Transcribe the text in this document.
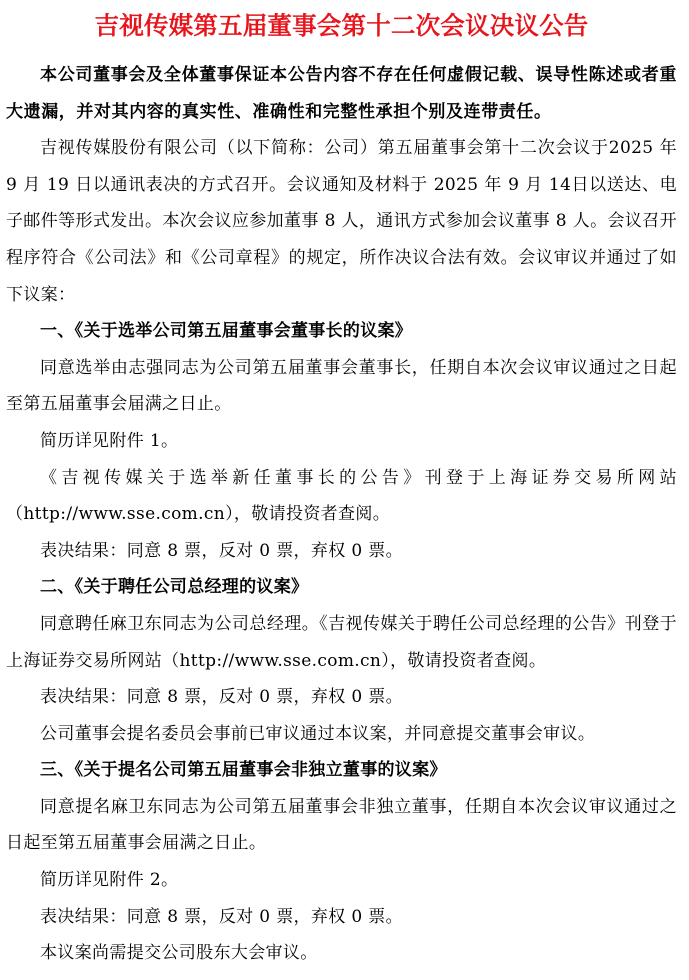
吉视传媒第五届董事会第十二次会议决议公告

本公司董事会及全体董事保证本公告内容不存在任何虚假记载、误导性陈述或者重大遗漏，并对其内容的真实性、准确性和完整性承担个别及连带责任。

吉视传媒股份有限公司（以下简称：公司）第五届董事会第十二次会议于2025 年 9 月 19 日以通讯表决的方式召开。会议通知及材料于 2025 年 9 月 14日以送达、电子邮件等形式发出。本次会议应参加董事 8 人，通讯方式参加会议董事 8 人。会议召开程序符合《公司法》和《公司章程》的规定，所作决议合法有效。会议审议并通过了如下议案：

一、《关于选举公司第五届董事会董事长的议案》

同意选举由志强同志为公司第五届董事会董事长，任期自本次会议审议通过之日起至第五届董事会届满之日止。

简历详见附件 1。

《吉视传媒关于选举新任董事长的公告》刊登于上海证券交易所网站（http://www.sse.com.cn），敬请投资者查阅。

表决结果：同意 8 票，反对 0 票，弃权 0 票。

二、《关于聘任公司总经理的议案》

同意聘任麻卫东同志为公司总经理。《吉视传媒关于聘任公司总经理的公告》刊登于上海证券交易所网站（http://www.sse.com.cn），敬请投资者查阅。

表决结果：同意 8 票，反对 0 票，弃权 0 票。

公司董事会提名委员会事前已审议通过本议案，并同意提交董事会审议。

三、《关于提名公司第五届董事会非独立董事的议案》

同意提名麻卫东同志为公司第五届董事会非独立董事，任期自本次会议审议通过之日起至第五届董事会届满之日止。

简历详见附件 2。

表决结果：同意 8 票，反对 0 票，弃权 0 票。

本议案尚需提交公司股东大会审议。
